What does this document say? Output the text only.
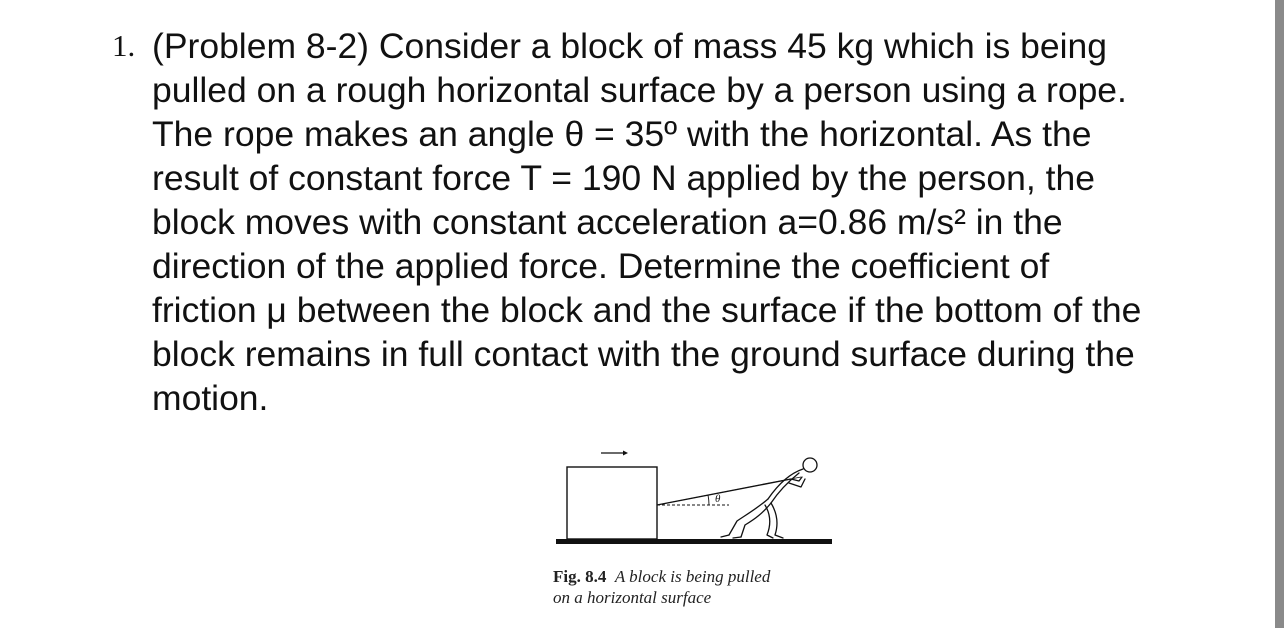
1. (Problem 8-2) Consider a block of mass 45 kg which is being
pulled on a rough horizontal surface by a person using a rope.
The rope makes an angle θ = 35º with the horizontal. As the
result of constant force T = 190 N applied by the person, the
block moves with constant acceleration a=0.86 m/s² in the
direction of the applied force. Determine the coefficient of
friction μ between the block and the surface if the bottom of the
block remains in full contact with the ground surface during the
motion.
θ
Fig. 8.4 A block is being pulled
on a horizontal surface
